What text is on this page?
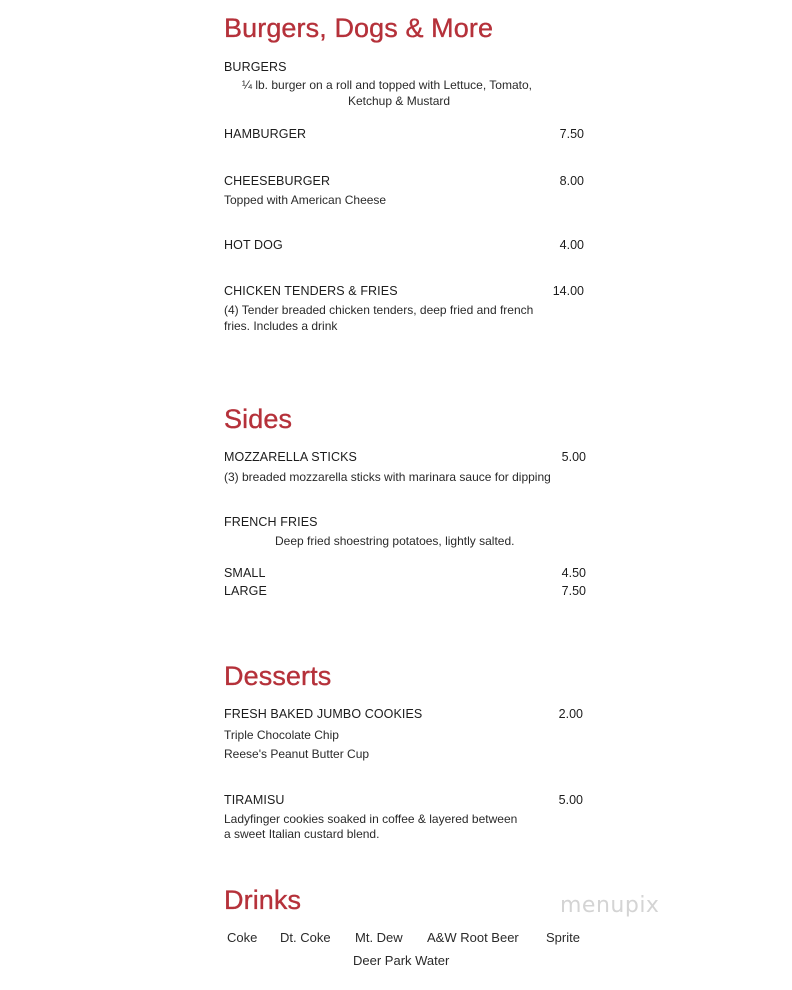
Burgers, Dogs & More
BURGERS
¼ lb. burger on a roll and topped with Lettuce, Tomato,
Ketchup & Mustard
HAMBURGER	7.50
CHEESEBURGER	8.00
Topped with American Cheese
HOT DOG	4.00
CHICKEN TENDERS & FRIES	14.00
(4) Tender breaded chicken tenders, deep fried and french
fries. Includes a drink
Sides
MOZZARELLA STICKS	5.00
(3) breaded mozzarella sticks with marinara sauce for dipping
FRENCH FRIES
Deep fried shoestring potatoes, lightly salted.
SMALL	4.50
LARGE	7.50
Desserts
FRESH BAKED JUMBO COOKIES	2.00
Triple Chocolate Chip
Reese's Peanut Butter Cup
TIRAMISU	5.00
Ladyfinger cookies soaked in coffee & layered between
a sweet Italian custard blend.
Drinks
Coke Dt. Coke Mt. Dew A&W Root Beer Sprite
Deer Park Water
menupix
